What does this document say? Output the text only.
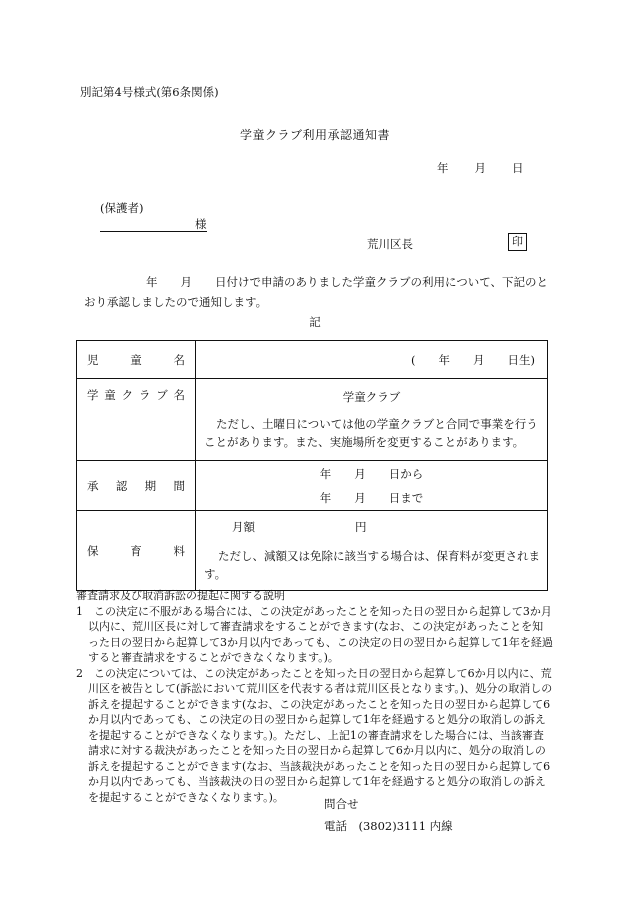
別記第4号様式(第6条関係)
学童クラブ利用承認通知書
年 月 日
(保護者)
様
荒川区長	印
年　　月　　日付けで申請のありました学童クラブの利用について、下記のとおり承認しましたので通知します。
記
児童名	(　　年　　月　　日生)
学童クラブ名	学童クラブ
ただし、土曜日については他の学童クラブと合同で事業を行うことがあります。また、実施場所を変更することがあります。

承認期間	年　　月　　日から
年　　月　　日まで

保育料	月額 円
ただし、減額又は免除に該当する場合は、保育料が変更されます。

審査請求及び取消訴訟の提起に関する説明

1　この決定に不服がある場合には、この決定があったことを知った日の翌日から起算して3か月以内に、荒川区長に対して審査請求をすることができます(なお、この決定があったことを知った日の翌日から起算して3か月以内であっても、この決定の日の翌日から起算して1年を経過すると審査請求をすることができなくなります。)。

2　この決定については、この決定があったことを知った日の翌日から起算して6か月以内に、荒川区を被告として(訴訟において荒川区を代表する者は荒川区長となります。)、処分の取消しの訴えを提起することができます(なお、この決定があったことを知った日の翌日から起算して6か月以内であっても、この決定の日の翌日から起算して1年を経過すると処分の取消しの訴えを提起することができなくなります。)。ただし、上記1の審査請求をした場合には、当該審査請求に対する裁決があったことを知った日の翌日から起算して6か月以内に、処分の取消しの訴えを提起することができます(なお、当該裁決があったことを知った日の翌日から起算して6か月以内であっても、当該裁決の日の翌日から起算して1年を経過すると処分の取消しの訴えを提起することができなくなります。)。	問合せ
電話　(3802)3111 内線
